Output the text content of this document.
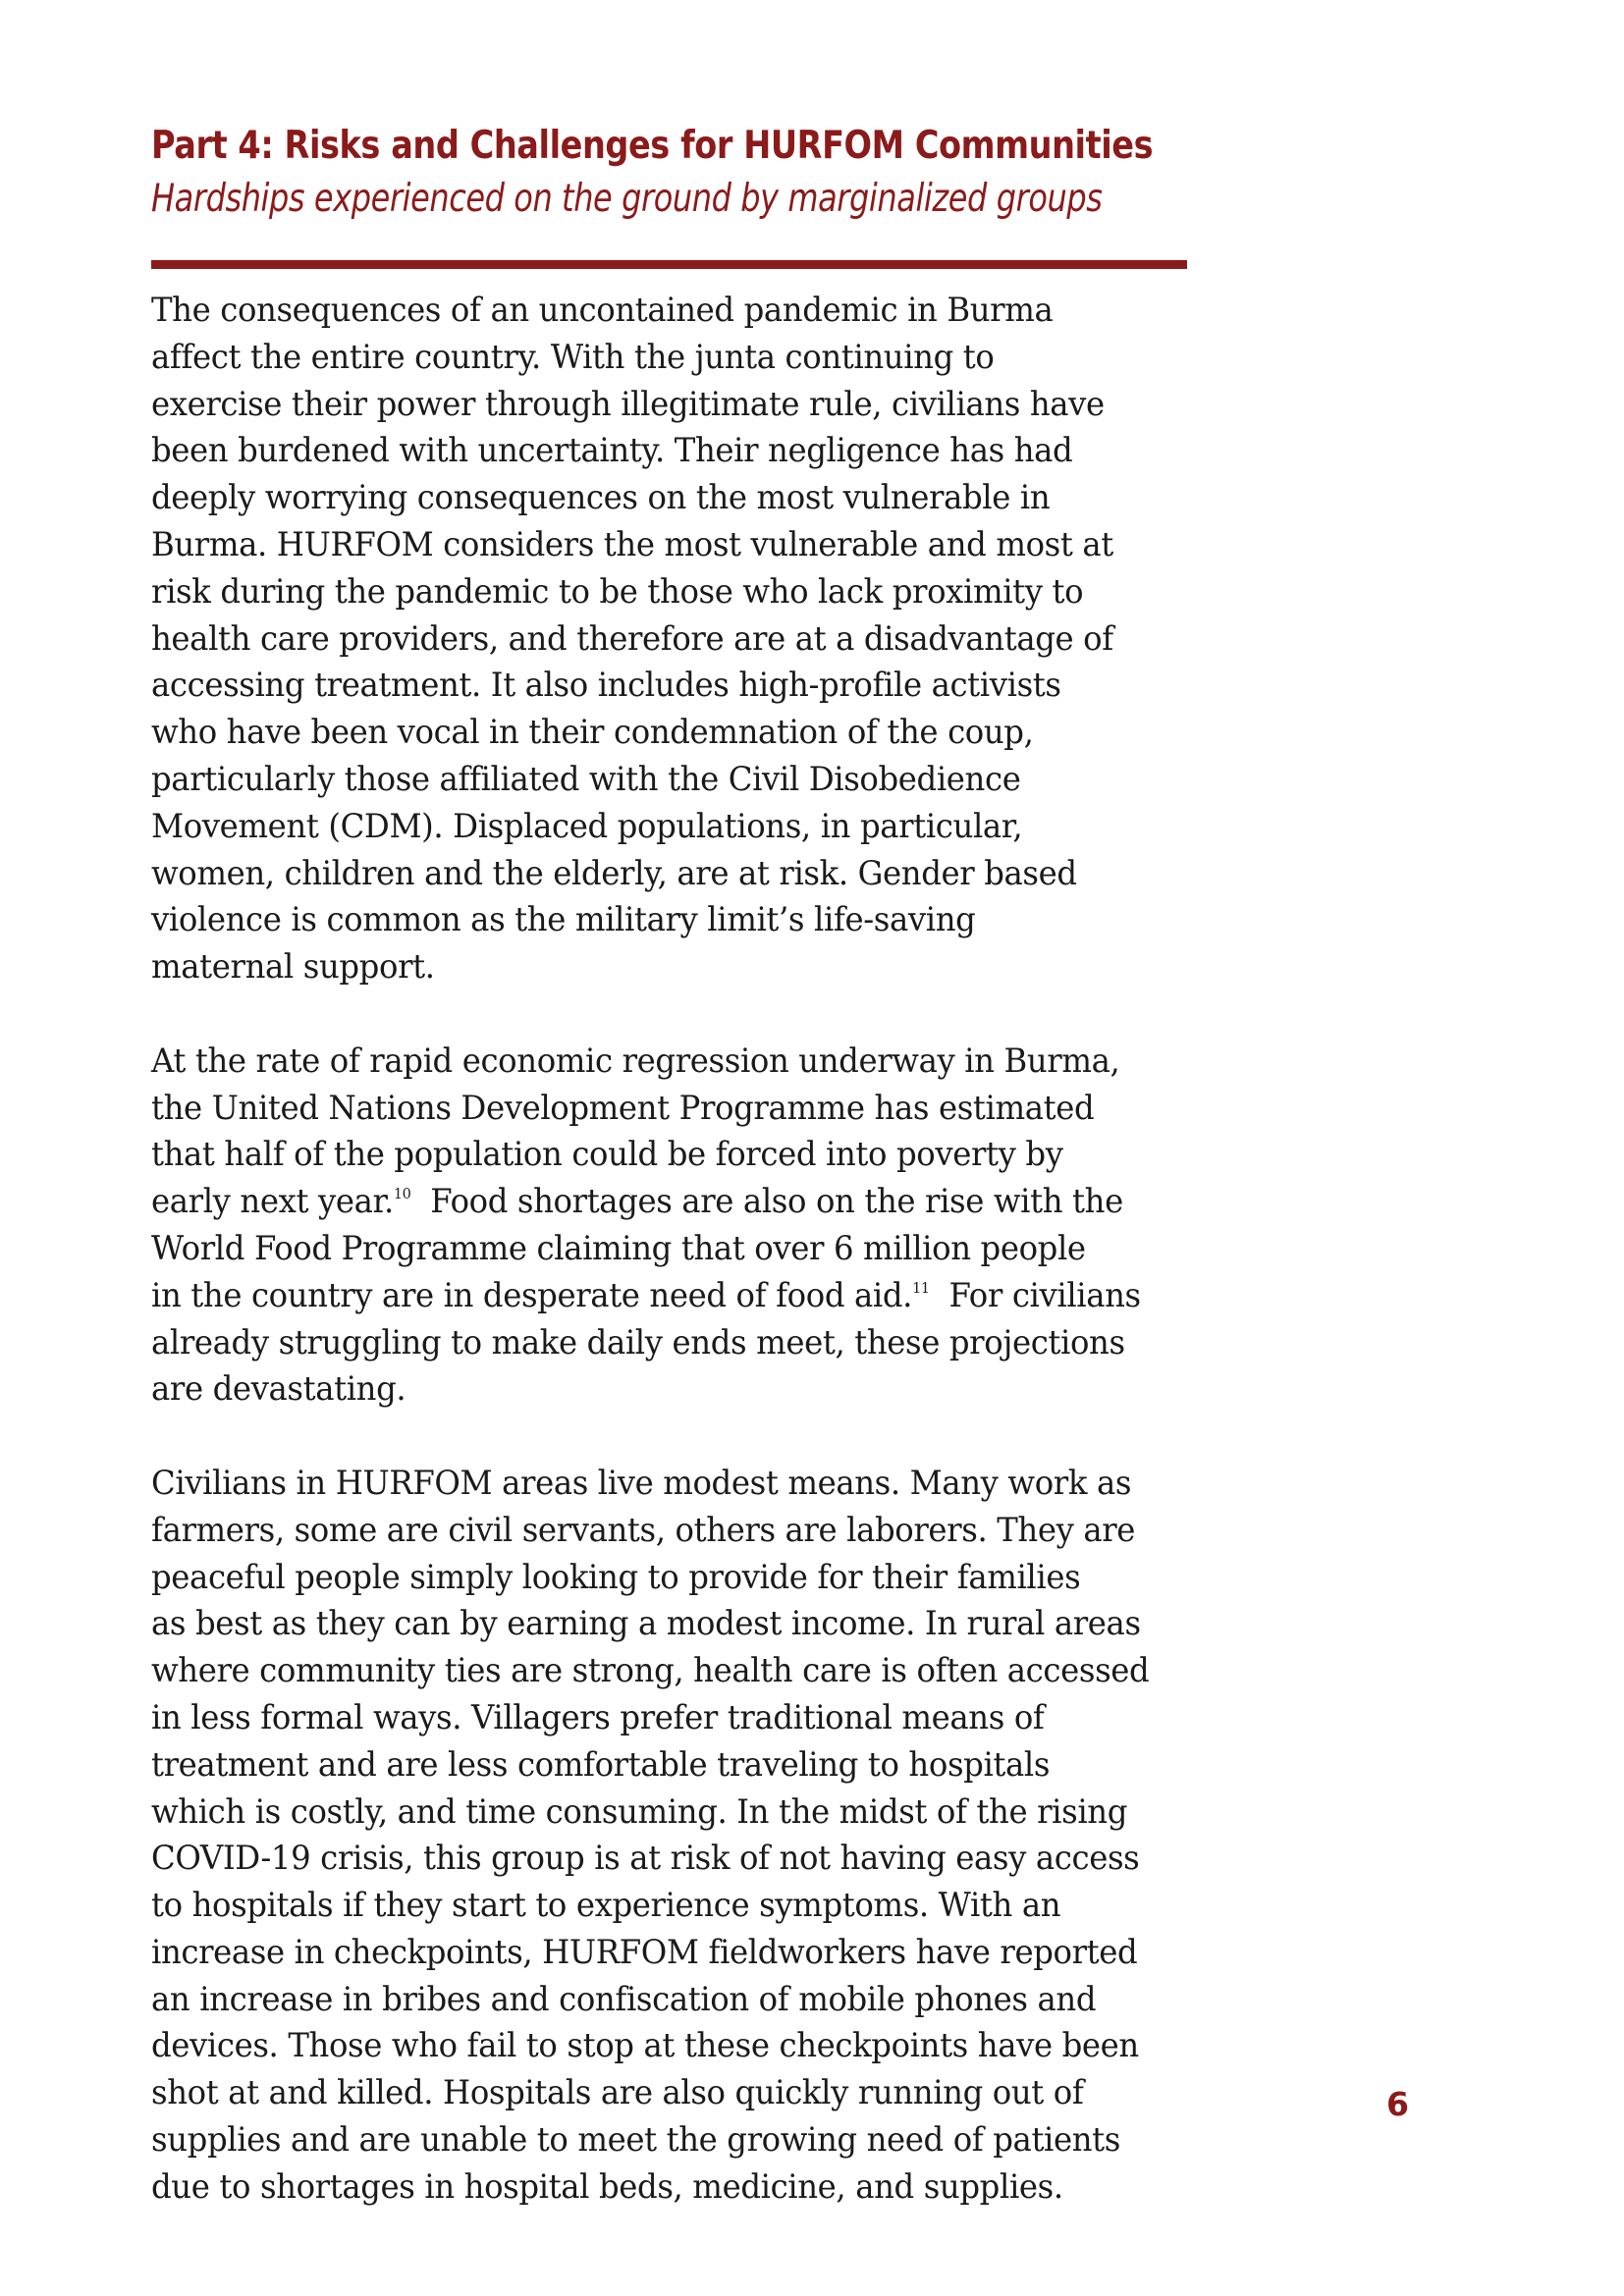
Part 4: Risks and Challenges for HURFOM Communities
Hardships experienced on the ground by marginalized groups

The consequences of an uncontained pandemic in Burma
affect the entire country. With the junta continuing to
exercise their power through illegitimate rule, civilians have
been burdened with uncertainty. Their negligence has had
deeply worrying consequences on the most vulnerable in
Burma. HURFOM considers the most vulnerable and most at
risk during the pandemic to be those who lack proximity to
health care providers, and therefore are at a disadvantage of
accessing treatment. It also includes high-profile activists
who have been vocal in their condemnation of the coup,
particularly those affiliated with the Civil Disobedience
Movement (CDM). Displaced populations, in particular,
women, children and the elderly, are at risk. Gender based
violence is common as the military limit’s life-saving
maternal support.

At the rate of rapid economic regression underway in Burma,
the United Nations Development Programme has estimated
that half of the population could be forced into poverty by
early next year.$^{10}$  Food shortages are also on the rise with the
World Food Programme claiming that over 6 million people
in the country are in desperate need of food aid.$^{11}$  For civilians
already struggling to make daily ends meet, these projections
are devastating.

Civilians in HURFOM areas live modest means. Many work as
farmers, some are civil servants, others are laborers. They are
peaceful people simply looking to provide for their families
as best as they can by earning a modest income. In rural areas
where community ties are strong, health care is often accessed
in less formal ways. Villagers prefer traditional means of
treatment and are less comfortable traveling to hospitals
which is costly, and time consuming. In the midst of the rising
COVID-19 crisis, this group is at risk of not having easy access
to hospitals if they start to experience symptoms. With an
increase in checkpoints, HURFOM fieldworkers have reported
an increase in bribes and confiscation of mobile phones and
devices. Those who fail to stop at these checkpoints have been
shot at and killed. Hospitals are also quickly running out of
supplies and are unable to meet the growing need of patients
due to shortages in hospital beds, medicine, and supplies.

6
